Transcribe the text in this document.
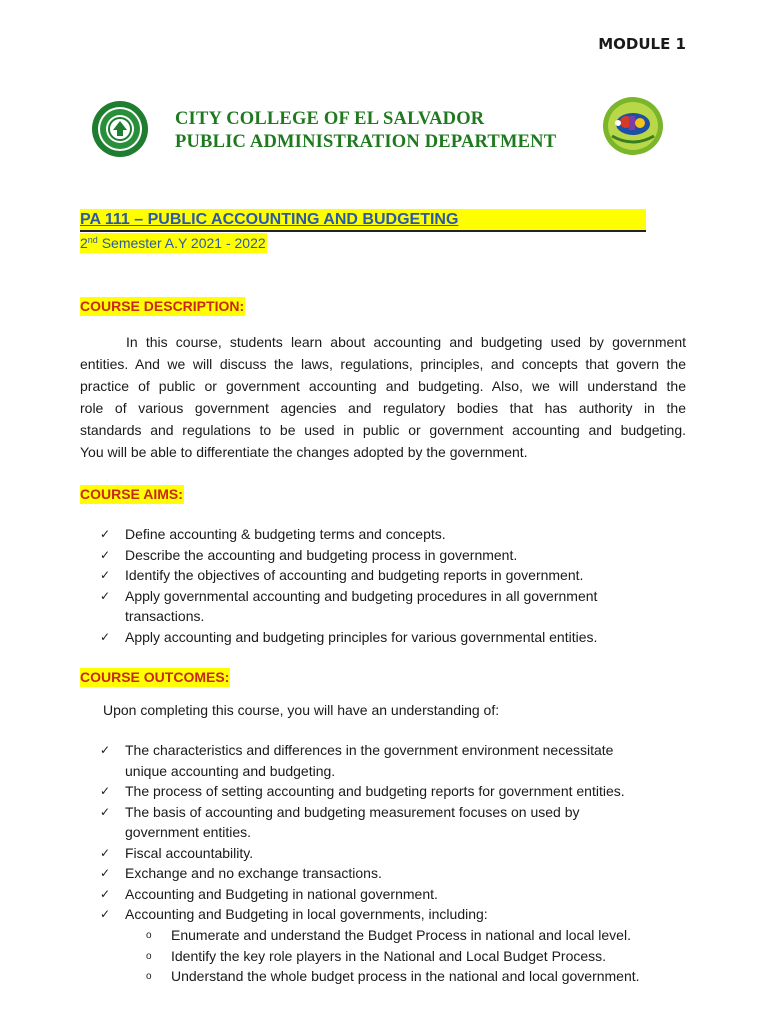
MODULE 1
CITY COLLEGE OF EL SALVADOR
PUBLIC ADMINISTRATION DEPARTMENT
PA 111 – PUBLIC ACCOUNTING AND BUDGETING
2nd Semester A.Y 2021 - 2022
COURSE DESCRIPTION:
In this course, students learn about accounting and budgeting used by government
entities. And we will discuss the laws, regulations, principles, and concepts that govern the
practice of public or government accounting and budgeting. Also, we will understand the
role of various government agencies and regulatory bodies that has authority in the
standards and regulations to be used in public or government accounting and budgeting.
You will be able to differentiate the changes adopted by the government.
COURSE AIMS:
✓ Define accounting & budgeting terms and concepts.
✓ Describe the accounting and budgeting process in government.
✓ Identify the objectives of accounting and budgeting reports in government.
✓ Apply governmental accounting and budgeting procedures in all government transactions.
✓ Apply accounting and budgeting principles for various governmental entities.
COURSE OUTCOMES:
Upon completing this course, you will have an understanding of:
✓ The characteristics and differences in the government environment necessitate unique accounting and budgeting.
✓ The process of setting accounting and budgeting reports for government entities.
✓ The basis of accounting and budgeting measurement focuses on used by government entities.
✓ Fiscal accountability.
✓ Exchange and no exchange transactions.
✓ Accounting and Budgeting in national government.
✓ Accounting and Budgeting in local governments, including:
o Enumerate and understand the Budget Process in national and local level.
o Identify the key role players in the National and Local Budget Process.
o Understand the whole budget process in the national and local government.
